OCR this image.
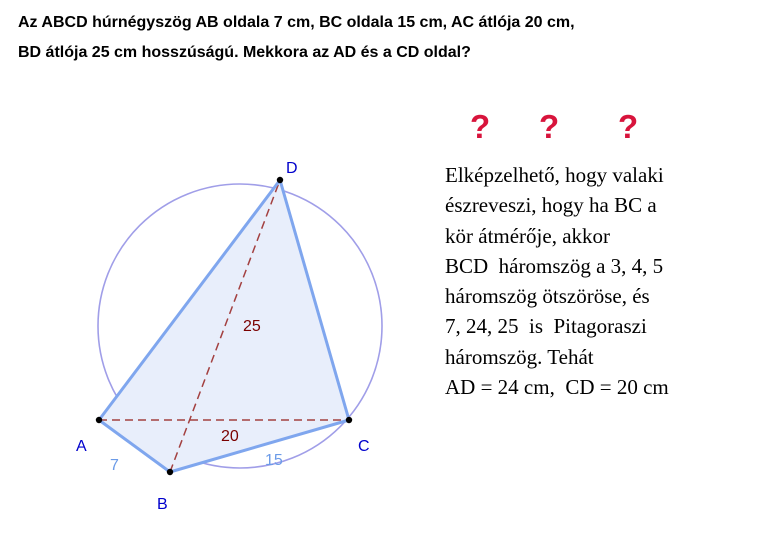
Az ABCD húrnégyszög AB oldala 7 cm, BC oldala 15 cm, AC átlója 20 cm,
BD átlója 25 cm hosszúságú. Mekkora az AD és a CD oldal?
? ? ?
Elképzelhető, hogy valaki
észreveszi, hogy ha BC a
kör átmérője, akkor
BCD  háromszög a 3, 4, 5
háromszög ötszöröse, és
7, 24, 25  is  Pitagoraszi
háromszög. Tehát
AD = 24 cm,  CD = 20 cm
A
B
C
D
7	15
20
25
